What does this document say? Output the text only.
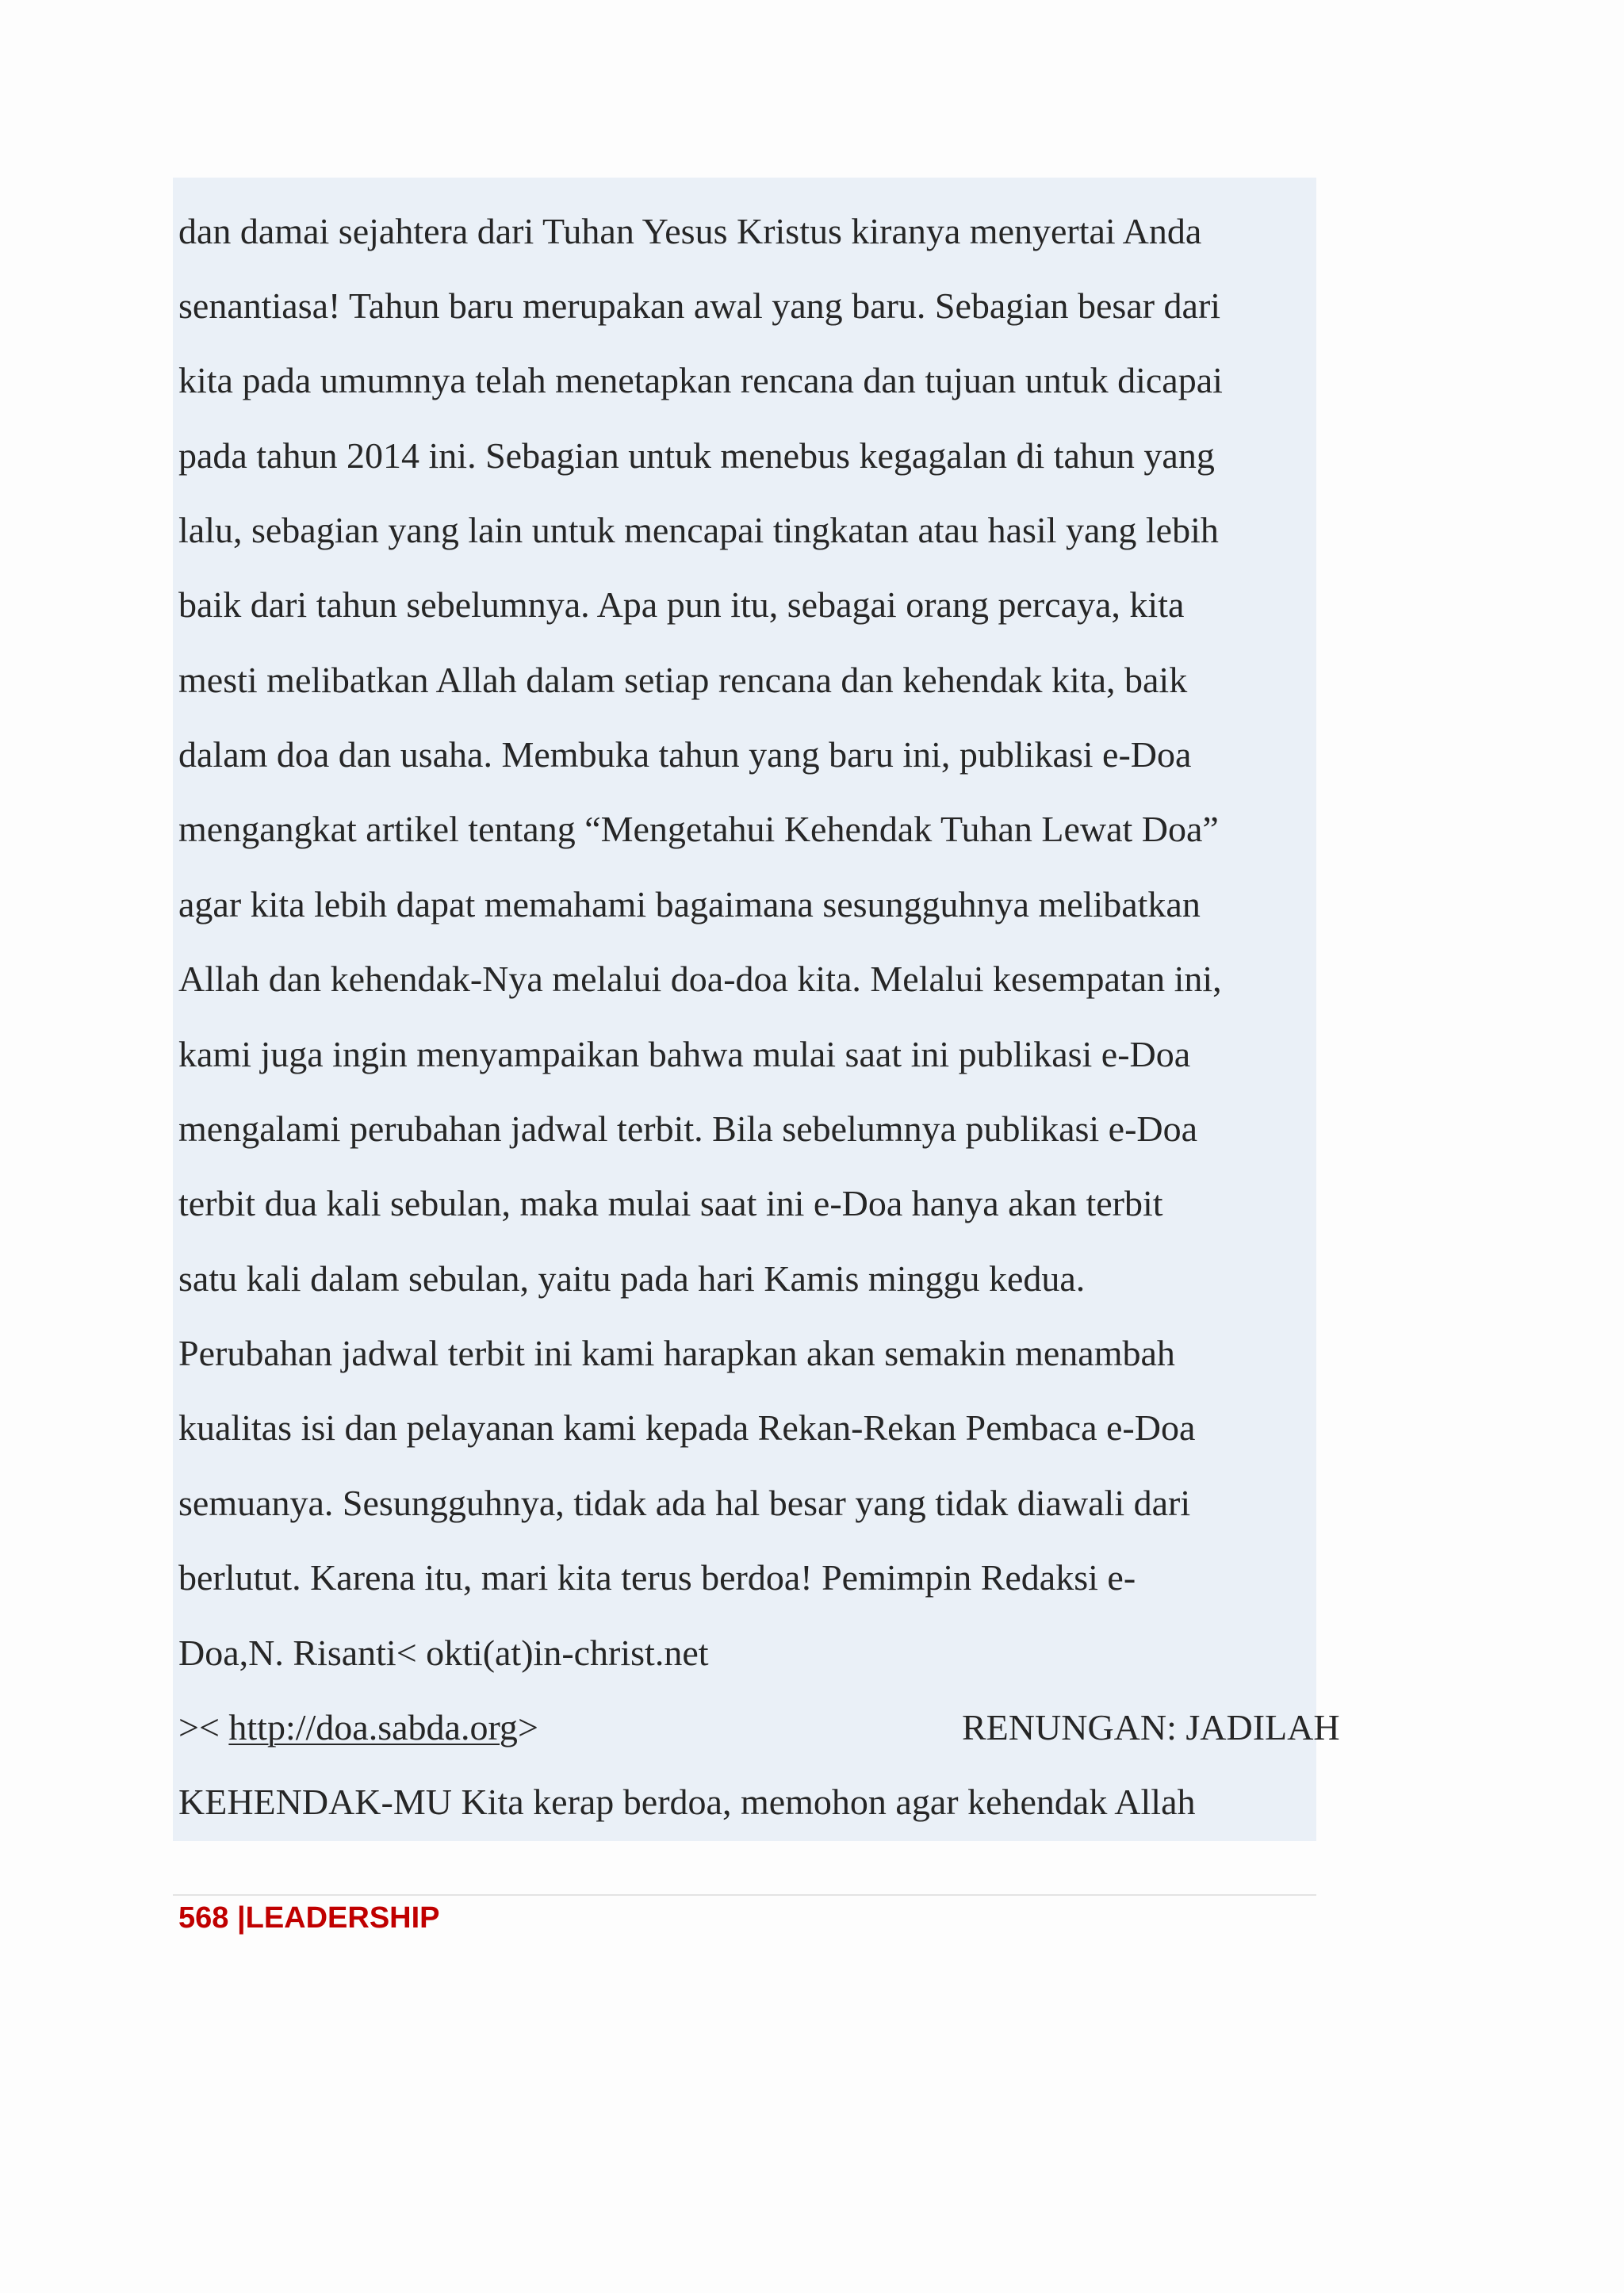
dan damai sejahtera dari Tuhan Yesus Kristus kiranya menyertai Anda

senantiasa! Tahun baru merupakan awal yang baru. Sebagian besar dari

kita pada umumnya telah menetapkan rencana dan tujuan untuk dicapai

pada tahun 2014 ini. Sebagian untuk menebus kegagalan di tahun yang

lalu, sebagian yang lain untuk mencapai tingkatan atau hasil yang lebih

baik dari tahun sebelumnya. Apa pun itu, sebagai orang percaya, kita

mesti melibatkan Allah dalam setiap rencana dan kehendak kita, baik

dalam doa dan usaha. Membuka tahun yang baru ini, publikasi e-Doa

mengangkat artikel tentang “Mengetahui Kehendak Tuhan Lewat Doa”

agar kita lebih dapat memahami bagaimana sesungguhnya melibatkan

Allah dan kehendak-Nya melalui doa-doa kita. Melalui kesempatan ini,

kami juga ingin menyampaikan bahwa mulai saat ini publikasi e-Doa

mengalami perubahan jadwal terbit. Bila sebelumnya publikasi e-Doa

terbit dua kali sebulan, maka mulai saat ini e-Doa hanya akan terbit

satu kali dalam sebulan, yaitu pada hari Kamis minggu kedua.

Perubahan jadwal terbit ini kami harapkan akan semakin menambah

kualitas isi dan pelayanan kami kepada Rekan-Rekan Pembaca e-Doa

semuanya. Sesungguhnya, tidak ada hal besar yang tidak diawali dari

berlutut. Karena itu, mari kita terus berdoa! Pemimpin Redaksi e-

Doa,N. Risanti< okti(at)in-christ.net

>< http://doa.sabda.org>	RENUNGAN: JADILAH

KEHENDAK-MU Kita kerap berdoa, memohon agar kehendak Allah

568 |LEADERSHIP
